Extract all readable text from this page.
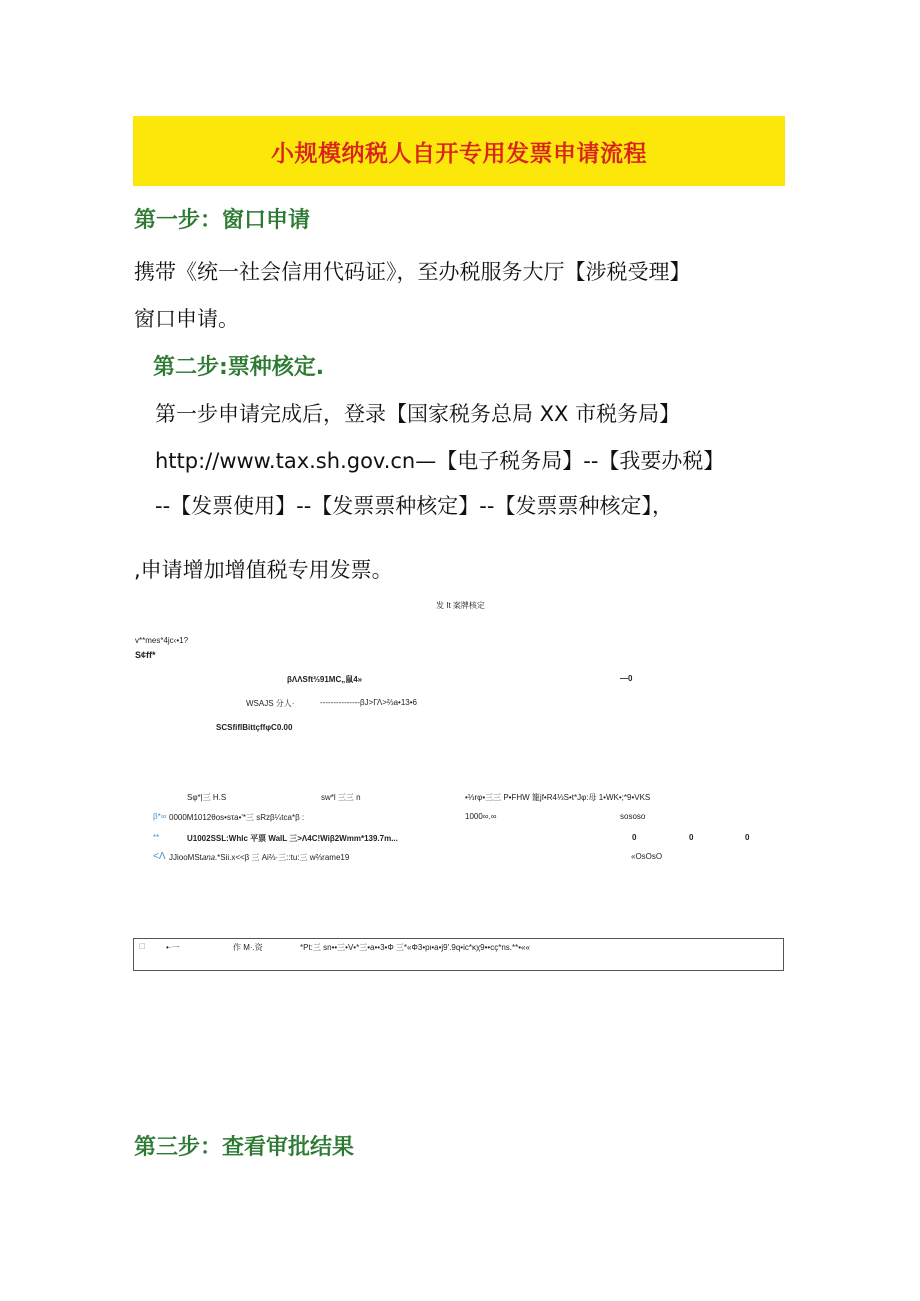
小规模纳税人自开专用发票申请流程
第一步：窗口申请
携带《统一社会信用代码证》，至办税服务大厅【涉税受理】
窗口申请。
第二步:票种核定.
第一步申请完成后，登录【国家税务总局 XX 市税务局】
http://www.tax.sh.gov.cn—【电子税务局】--【我要办税】
--【发票使用】--【发票票种核定】--【发票票种核定】，
,申请增加增值税专用发票。
发 It 案牌核定
v**mes*4jc‹•1?
S¢ff*
βΛΛSft⅔91MC„鼠4»	—0
WSAJS 分人·	---------------βJ>ΓΛ>⅔a•13•6
SCSfiflBittçffφC0.00
Sφ*|三 H.S	sw*l 三三 n	•⅓rφ•三三 P•FHW 籠jf•R4⅓S•t*Jφ:母 1•WK•;*9•VKS
β*∞ 0000M1012θos•sτa•'*三 sRzβ¼tca*β :	1000∞.∞	sososo
**	U1002SSL:Whlc 平票 WalL 三>Λ4C!Wiβ2Wmm*139.7m...	0	0	0
<Λ JJiooMSt𝑎𝑛𝑎.*Sii.x<<β 三 Ai⅔·三::tu:三 w⅔rame19	«OsOsO
□	•·一	作 M·.资	*Pt:三 sn••三•V•*三•a••3•Φ 三*«Φ3•pι•a•j9'.9q•ic*κχ9••cç*ns.**•««
第三步：查看审批结果
